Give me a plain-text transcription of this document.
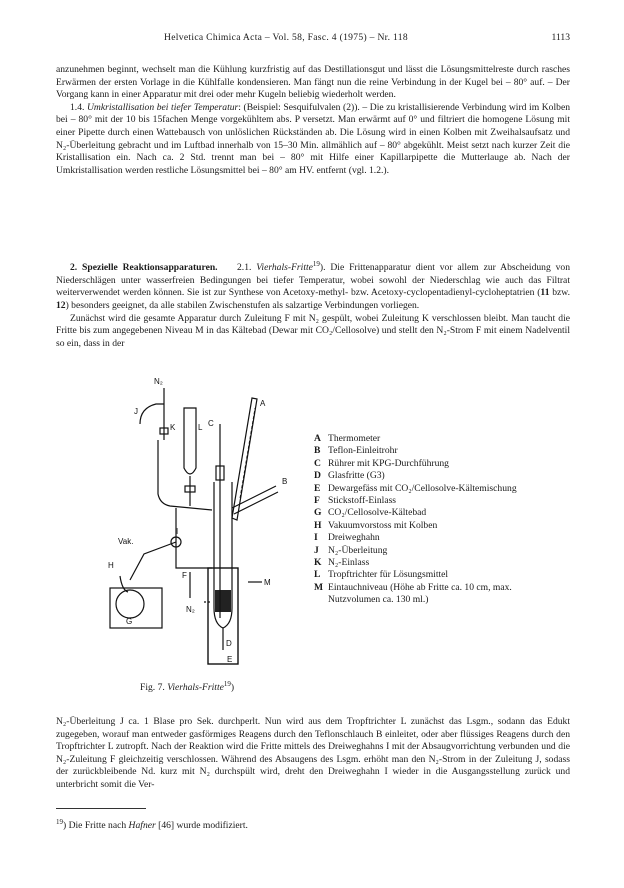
Helvetica Chimica Acta – Vol. 58, Fasc. 4 (1975) – Nr. 118	1113

anzunehmen beginnt, wechselt man die Kühlung kurzfristig auf das Destillationsgut und lässt die Lösungsmittelreste durch rasches Erwärmen der ersten Vorlage in die Kühlfalle kondensieren. Man fängt nun die reine Verbindung in der Kugel bei – 80° auf. – Der Vorgang kann in einer Apparatur mit drei oder mehr Kugeln beliebig wiederholt werden.

1.4. Umkristallisation bei tiefer Temperatur: (Beispiel: Sesquifulvalen (2)). – Die zu kristallisierende Verbindung wird im Kolben bei – 80° mit der 10 bis 15fachen Menge vorgekühltem abs. P versetzt. Man erwärmt auf 0° und filtriert die homogene Lösung mit einer Pipette durch einen Wattebausch von unlöslichen Rückständen ab. Die Lösung wird in einen Kolben mit Zweihalsaufsatz und N₂-Überleitung gebracht und im Luftbad innerhalb von 15–30 Min. allmählich auf – 80° abgekühlt. Meist setzt nach kurzer Zeit die Kristallisation ein. Nach ca. 2 Std. trennt man bei – 80° mit Hilfe einer Kapillarpipette die Mutterlauge ab. Nach der Umkristallisation werden restliche Lösungsmittel bei – 80° am HV. entfernt (vgl. 1.2.).

2. Spezielle Reaktionsapparaturen. 2.1. Vierhals-Fritte$^{19}$). Die Frittenapparatur dient vor allem zur Abscheidung von Niederschlägen unter wasserfreien Bedingungen bei tiefer Temperatur, wobei sowohl der Niederschlag wie auch das Filtrat weiterverwendet werden können. Sie ist zur Synthese von Acetoxy-methyl- bzw. Acetoxy-cyclopentadienyl-cycloheptatrien (11 bzw. 12) besonders geeignet, da alle stabilen Zwischenstufen als salzartige Verbindungen vorliegen.

Zunächst wird die gesamte Apparatur durch Zuleitung F mit N₂ gespült, wobei Zuleitung K verschlossen bleibt. Man taucht die Fritte bis zum angegebenen Niveau M in das Kältebad (Dewar mit CO₂/Cellosolve) und stellt den N₂-Strom F mit einem Nadelventil so ein, dass in der

A
B
C
D
E
F
G
H
I
J
K	L
M
N₂
N₂
Vak.
A Thermometer
B Teflon-Einleitrohr
C Rührer mit KPG-Durchführung
D Glasfritte (G3)
E Dewargefäss mit CO₂/Cellosolve-Kältemischung
F Stickstoff-Einlass
G CO₂/Cellosolve-Kältebad
H Vakuumvorstoss mit Kolben
I	Dreiweghahn
J N₂-Überleitung
K N₂-Einlass
L Tropftrichter für Lösungsmittel
M Eintauchniveau (Höhe ab Fritte ca. 10 cm, max. Nutzvolumen ca. 130 ml.)
Fig. 7. Vierhals-Fritte$^{19}$)

N₂-Überleitung J ca. 1 Blase pro Sek. durchperlt. Nun wird aus dem Tropftrichter L zunächst das Lsgm., sodann das Edukt zugegeben, worauf man entweder gasförmiges Reagens durch den Teflonschlauch B einleitet, oder aber flüssiges Reagens durch den Tropftrichter L zutropft. Nach der Reaktion wird die Fritte mittels des Dreiweghahns I mit der Absaugvorrichtung verbunden und die N₂-Zuleitung F gleichzeitig verschlossen. Während des Absaugens des Lsgm. erhöht man den N₂-Strom in der Zuleitung J, sodass der zurückbleibende Nd. kurz mit N₂ durchspült wird, dreht den Dreiweghahn I wieder in die Ausgangsstellung zurück und unterbricht somit die Ver-

$^{19}$) Die Fritte nach Hafner [46] wurde modifiziert.
